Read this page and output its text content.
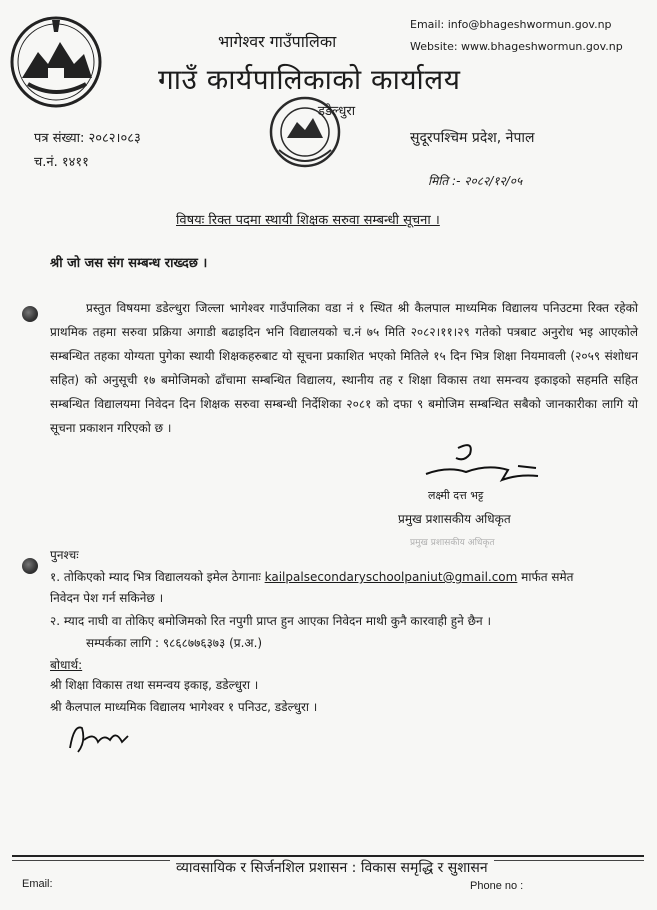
भागेश्वर गाउँपालिका
गाउँ कार्यपालिकाको कार्यालय
Email: info@bhageshwormun.gov.np
Website: www.bhageshwormun.gov.np
डडेल्धुरा
पत्र संख्या: २०८२।०८३
च.नं. १४११
सुदूरपश्चिम प्रदेश, नेपाल
मिति :- २०८२/१२/०५
विषयः रिक्त पदमा स्थायी शिक्षक सरुवा सम्बन्धी सूचना ।
श्री जो जस संग सम्बन्ध राख्दछ ।
प्रस्तुत विषयमा डडेल्धुरा जिल्ला भागेश्वर गाउँपालिका वडा नं १ स्थित श्री कैलपाल माध्यमिक विद्यालय पनिउटमा रिक्त रहेको प्राथमिक तहमा सरुवा प्रक्रिया अगाडी बढाइदिन भनि विद्यालयको च.नं ७५ मिति २०८२।११।२९ गतेको पत्रबाट अनुरोध भइ आएकोले सम्बन्धित तहका योग्यता पुगेका स्थायी शिक्षकहरुबाट यो सूचना प्रकाशित भएको मितिले १५ दिन भित्र शिक्षा नियमावली (२०५९ संशोधन सहित) को अनुसूची १७ बमोजिमको ढाँचामा सम्बन्धित विद्यालय, स्थानीय तह र शिक्षा विकास तथा समन्वय इकाइको सहमति सहित सम्बन्धित विद्यालयमा निवेदन दिन शिक्षक सरुवा सम्बन्धी निर्देशिका २०८१ को दफा ९ बमोजिम सम्बन्धित सबैको जानकारीका लागि यो सूचना प्रकाशन गरिएको छ ।
लक्ष्मी दत्त भट्ट
प्रमुख प्रशासकीय अधिकृत
प्रमुख प्रशासकीय अधिकृत
पुनश्चः
१. तोकिएको म्याद भित्र विद्यालयको इमेल ठेगानाः kailpalsecondaryschoolpaniut@gmail.com मार्फत समेत
निवेदन पेश गर्न सकिनेछ ।
२. म्याद नाघी वा तोकिए बमोजिमको रित नपुगी प्राप्त हुन आएका निवेदन माथी कुनै कारवाही हुने छैन ।
सम्पर्कका लागि : ९८६८७७६३७३ (प्र.अ.)
बोधार्थ:
श्री शिक्षा विकास तथा समन्वय इकाइ, डडेल्धुरा ।
श्री कैलपाल माध्यमिक विद्यालय भागेश्वर १ पनिउट, डडेल्धुरा ।
व्यावसायिक र सिर्जनशिल प्रशासन : विकास समृद्धि र सुशासन
Email:	Phone no :
